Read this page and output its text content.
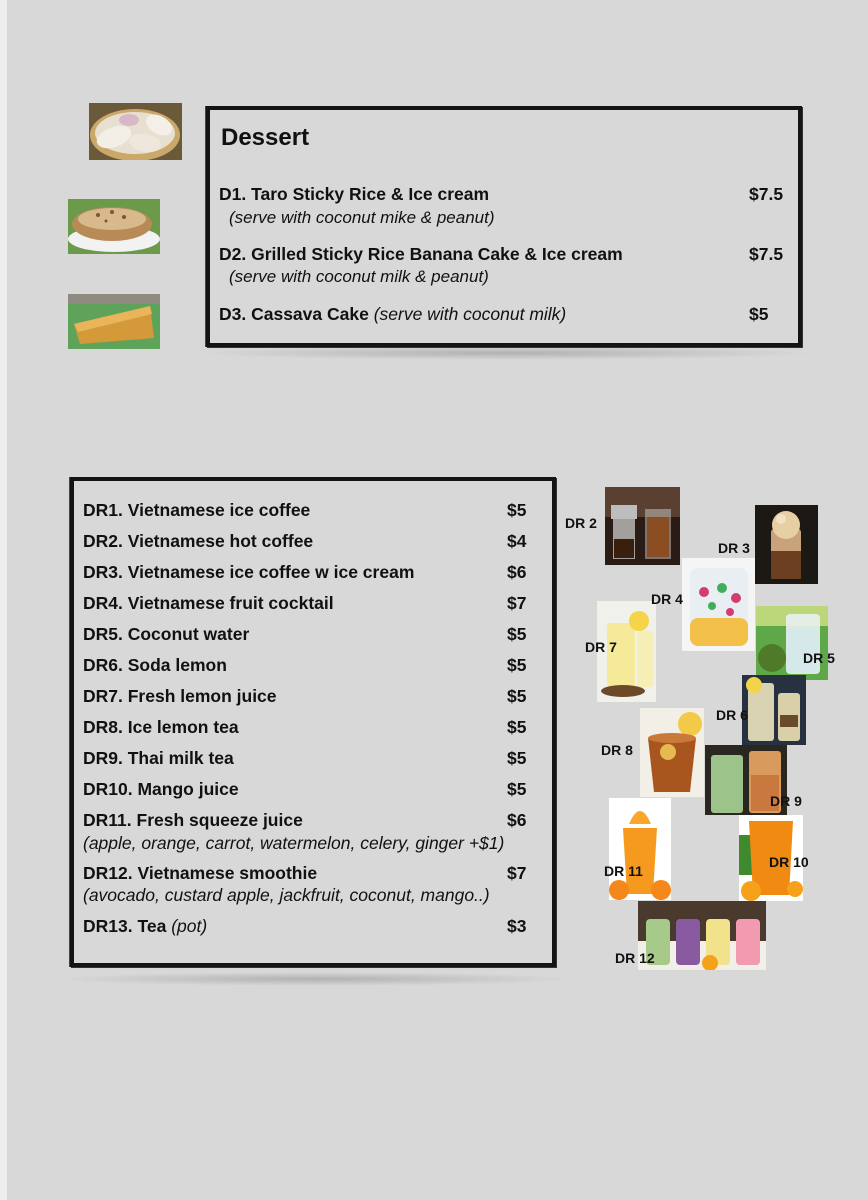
Dessert
D1. Taro Sticky Rice & Ice cream	$7.5
(serve with coconut mike & peanut)
D2. Grilled Sticky Rice Banana Cake & Ice cream	$7.5
(serve with coconut milk & peanut)
D3. Cassava Cake (serve with coconut milk)	$5
DR1. Vietnamese ice coffee	$5
DR2. Vietnamese hot coffee	$4
DR3. Vietnamese ice coffee w ice cream	$6
DR4. Vietnamese fruit cocktail	$7
DR5. Coconut water	$5
DR6. Soda lemon	$5
DR7. Fresh lemon juice	$5
DR8. Ice lemon tea	$5
DR9. Thai milk tea	$5
DR10. Mango juice	$5
DR11. Fresh squeeze juice	$6
(apple, orange, carrot, watermelon, celery, ginger +$1)
DR12. Vietnamese smoothie	$7
(avocado, custard apple, jackfruit, coconut, mango..)
DR13. Tea (pot)	$3
DR 2
DR 3
DR 4
DR 7
DR 5
DR 6
DR 8
DR 9
DR 10
DR 11
DR 12
